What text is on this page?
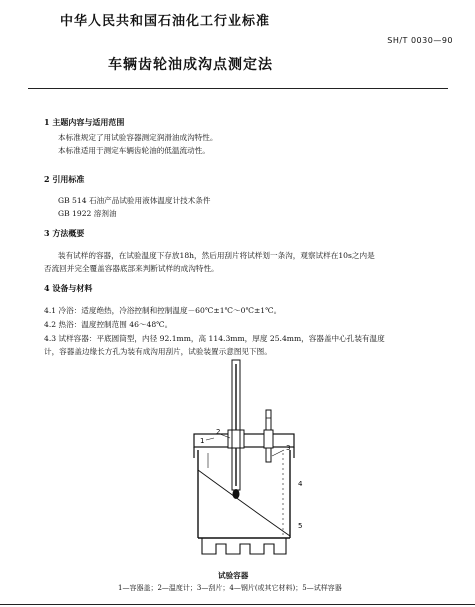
中华人民共和国石油化工行业标准
SH/T 0030—90
车辆齿轮油成沟点测定法
1 主题内容与适用范围
本标准规定了用试验容器测定润滑油成沟特性。
本标准适用于测定车辆齿轮油的低温流动性。
2 引用标准
GB 514 石油产品试验用液体温度计技术条件
GB 1922 溶剂油
3 方法概要
装有试样的容器，在试验温度下存放18h，然后用刮片将试样划一条沟，观察试样在10s之内是
否流回并完全覆盖容器底部来判断试样的成沟特性。
4 设备与材料
4.1 冷浴：适度绝热，冷浴控制和控制温度－60℃±1℃～0℃±1℃。
4.2 热浴：温度控制范围 46～48℃。
4.3 试样容器：平底圆筒型，内径 92.1mm，高 114.3mm，厚度 25.4mm，容器盖中心孔装有温度
计，容器盖边缘长方孔为装有成沟用刮片，试验装置示意图见下图。
1
2
3
4
5
试验容器
1—容器盖；2—温度计；3—刮片；4—钢片(或其它材料)；5—试样容器
